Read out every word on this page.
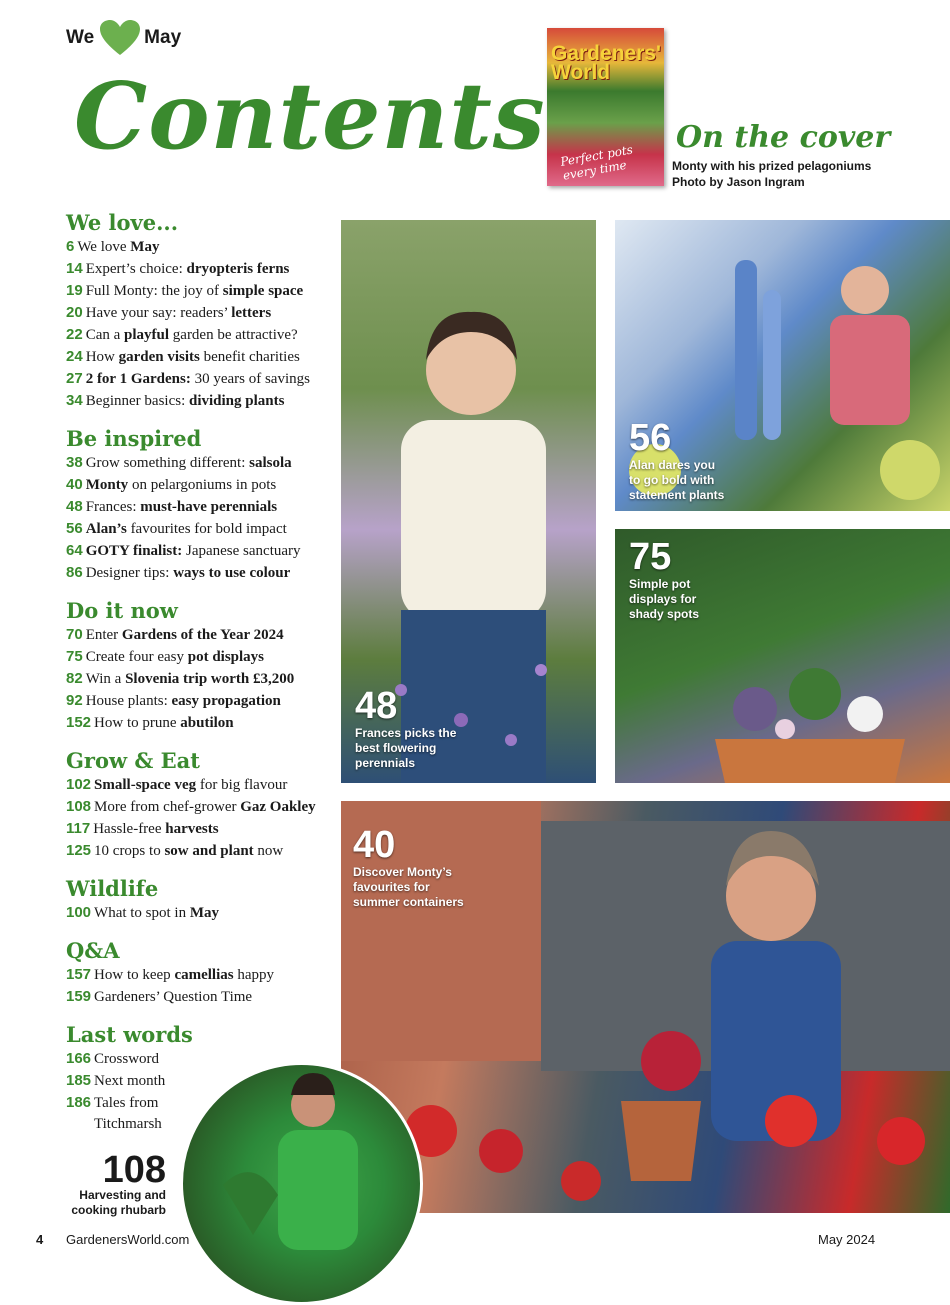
We	May
Contents
Gardeners' World
Perfect pots every time
On the cover
Monty with his prized pelagoniums
Photo by Jason Ingram
We love...
6 We love May
14 Expert’s choice: dryopteris ferns
19 Full Monty: the joy of simple space
20 Have your say: readers’ letters
22 Can a playful garden be attractive?
24 How garden visits benefit charities
27 2 for 1 Gardens: 30 years of savings
34 Beginner basics: dividing plants
Be inspired
38 Grow something different: salsola
40 Monty on pelargoniums in pots
48 Frances: must-have perennials
56 Alan’s favourites for bold impact
64 GOTY finalist: Japanese sanctuary
86 Designer tips: ways to use colour
Do it now
70 Enter Gardens of the Year 2024
75 Create four easy pot displays
82 Win a Slovenia trip worth £3,200
92 House plants: easy propagation
152 How to prune abutilon
Grow & Eat
102 Small-space veg for big flavour
108 More from chef-grower Gaz Oakley
117 Hassle-free harvests
125 10 crops to sow and plant now
Wildlife
100 What to spot in May
Q&A
157 How to keep camellias happy
159 Gardeners’ Question Time
Last words
166 Crossword
185 Next month
186 Tales from
Titchmarsh
48
Frances picks the
best flowering
perennials
56
Alan dares you
to go bold with
statement plants
75
Simple pot
displays for
shady spots
40
Discover Monty’s
favourites for
summer containers
108
Harvesting and
cooking rhubarb
4 GardenersWorld.com	May 2024
